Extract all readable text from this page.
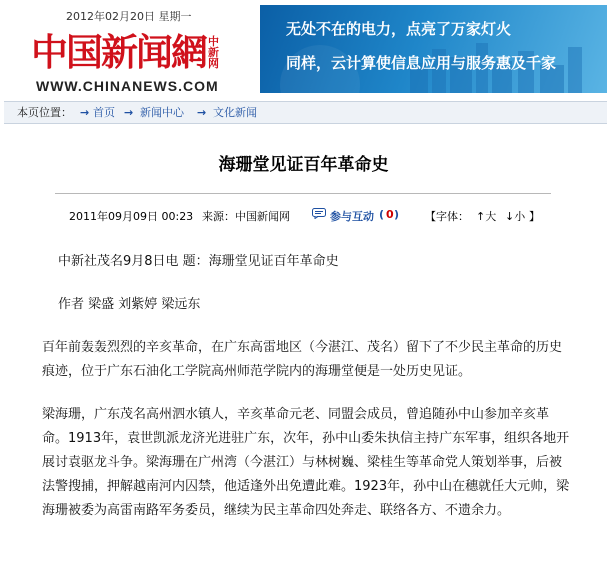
2012年02月20日 星期一
中国新闻網 中新网
WWW.CHINANEWS.COM
无处不在的电力，点亮了万家灯火
同样，云计算使信息应用与服务惠及千家
本页位置： → 首页 → 新闻中心 → 文化新闻
海珊堂见证百年革命史
2011年09月09日 00:23 来源：中国新闻网	参与互动 ( 0 ) 【字体： ↑大 ↓小 】

中新社茂名9月8日电 题：海珊堂见证百年革命史

作者 梁盛 刘紫婷 梁远东

百年前轰轰烈烈的辛亥革命，在广东高雷地区（今湛江、茂名）留下了不少民主革命的历史痕迹，位于广东石油化工学院高州师范学院内的海珊堂便是一处历史见证。

梁海珊，广东茂名高州泗水镇人，辛亥革命元老、同盟会成员，曾追随孙中山参加辛亥革命。1913年，袁世凯派龙济光进驻广东，次年，孙中山委朱执信主持广东军事，组织各地开展讨袁驱龙斗争。梁海珊在广州湾（今湛江）与林树巍、梁桂生等革命党人策划举事，后被法警搜捕，押解越南河内囚禁，他适逢外出免遭此难。1923年，孙中山在穗就任大元帅，梁海珊被委为高雷南路军务委员，继续为民主革命四处奔走、联络各方、不遗余力。
